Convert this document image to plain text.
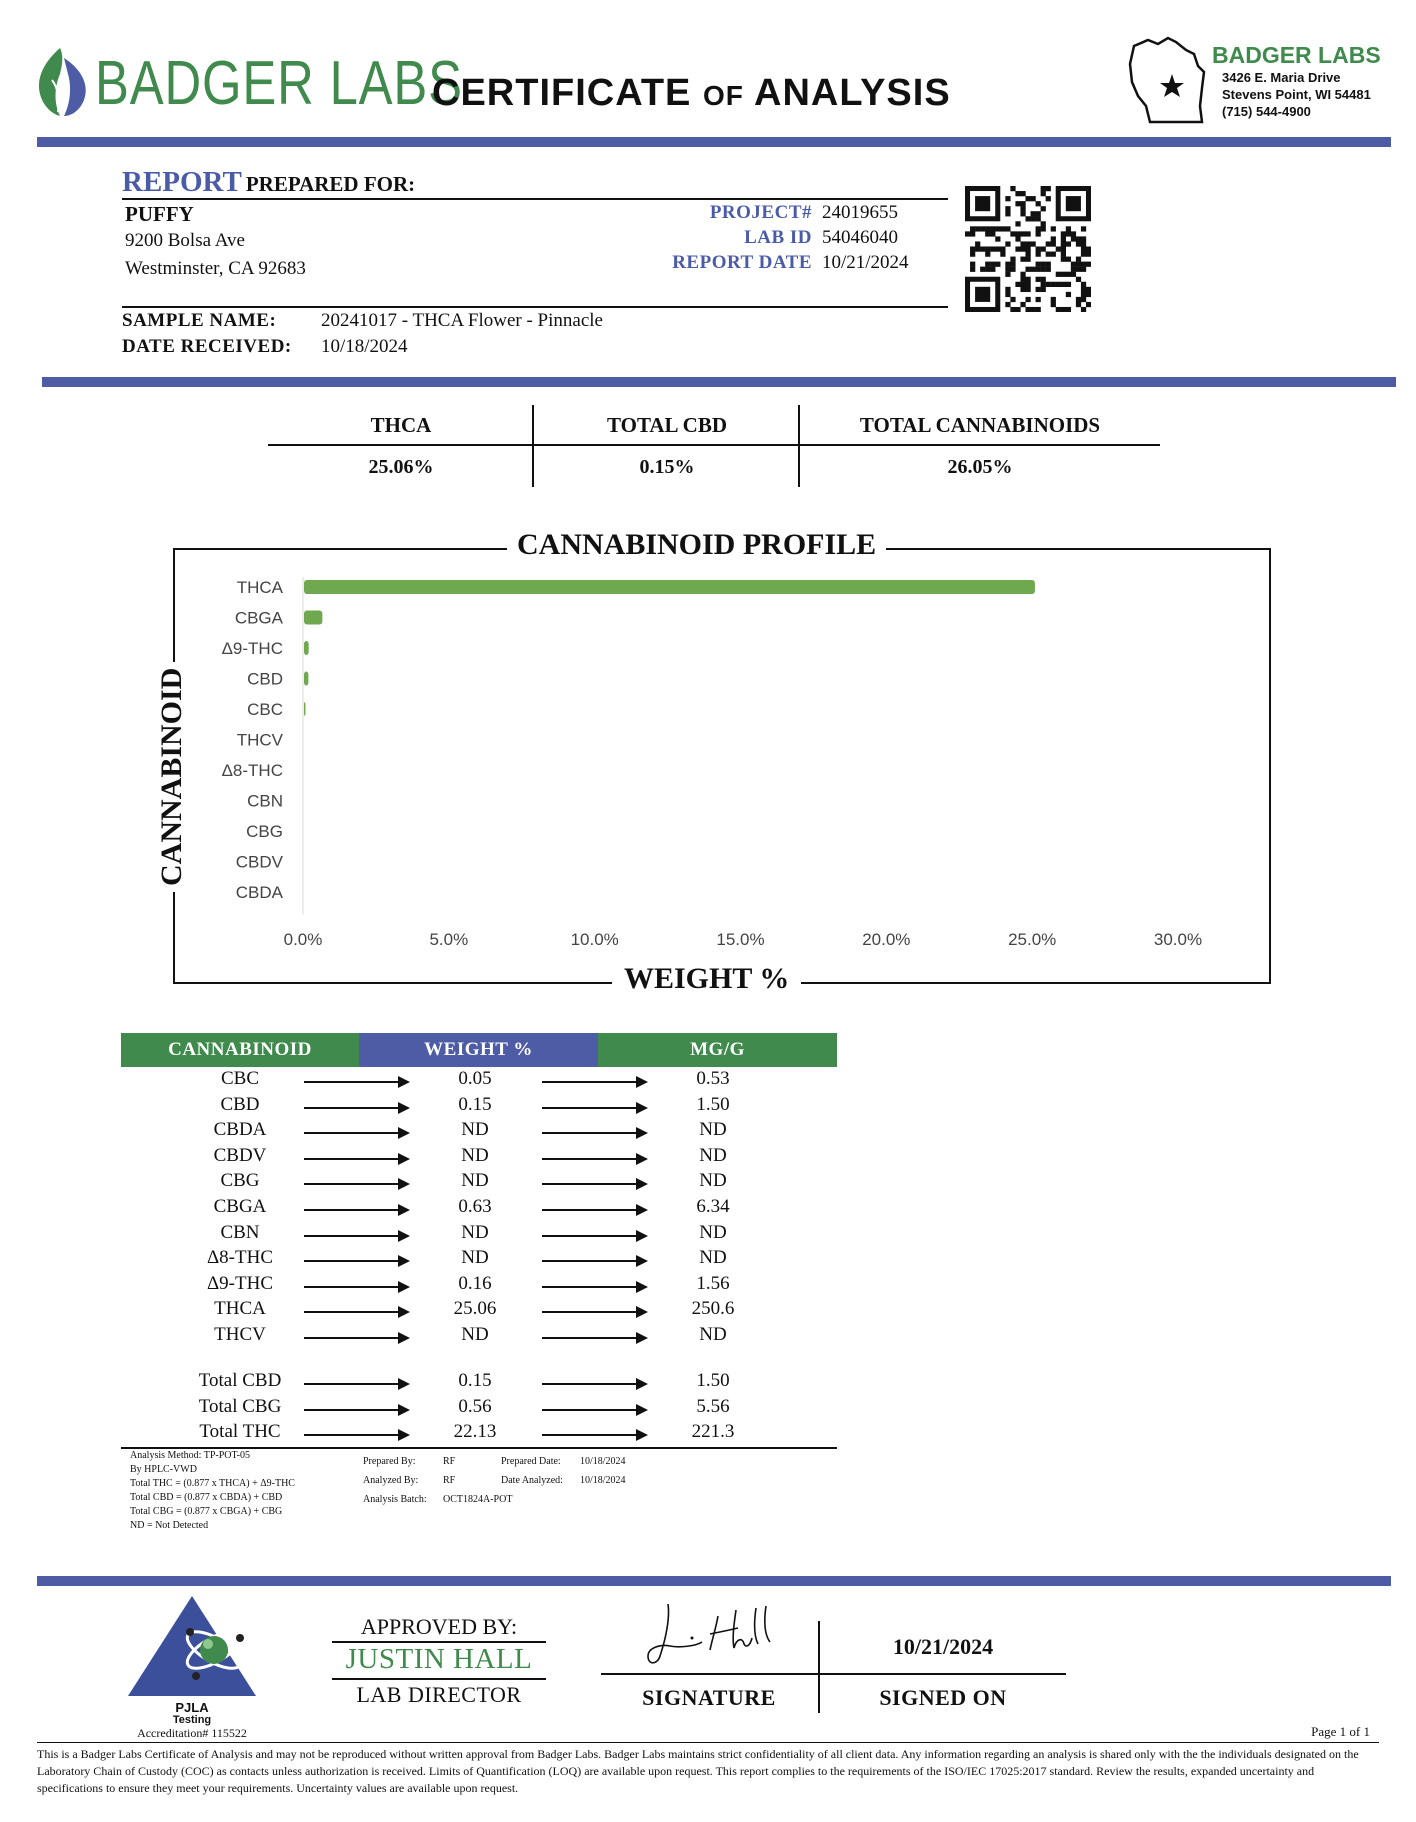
BADGER LABS
CERTIFICATE OF ANALYSIS
BADGER LABS
3426 E. Maria Drive
Stevens Point, WI 54481
(715) 544-4900
REPORT PREPARED FOR:
PUFFY
9200 Bolsa Ave
Westminster, CA 92683
PROJECT# 24019655
LAB ID 54046040
REPORT DATE 10/21/2024
SAMPLE NAME: 20241017 - THCA Flower - Pinnacle
DATE RECEIVED: 10/18/2024
THCA	TOTAL CBD	TOTAL CANNABINOIDS
25.06%	0.15%	26.05%
CANNABINOID PROFILE
WEIGHT %
CANNABINOID
THCA
CBGA
Δ9-THC
CBD
CBC
THCV
Δ8-THC
CBN
CBG
CBDV
CBDA
0.0%	5.0%	10.0%	15.0%	20.0%	25.0%	30.0%
CANNABINOID	WEIGHT %	MG/G
CBC	0.05	0.53
CBD	0.15	1.50
CBDA	ND	ND
CBDV	ND	ND
CBG	ND	ND
CBGA	0.63	6.34
CBN	ND	ND
Δ8-THC	ND	ND
Δ9-THC	0.16	1.56
THCA	25.06	250.6
THCV	ND	ND
Total CBD	0.15	1.50
Total CBG	0.56	5.56
Total THC	22.13	221.3
Analysis Method: TP-POT-05
By HPLC-VWD
Total THC = (0.877 x THCA) + Δ9-THC
Total CBD = (0.877 x CBDA) + CBD
Total CBG = (0.877 x CBGA) + CBG
ND = Not Detected
Prepared By:	RF
Analyzed By: RF
Analysis Batch: OCT1824A-POT
Prepared Date: 10/18/2024
Date Analyzed: 10/18/2024
PJLA
Testing
Accreditation# 115522
APPROVED BY:
JUSTIN HALL
LAB DIRECTOR	SIGNATURE
10/21/2024
SIGNED ON
Page 1 of 1
This is a Badger Labs Certificate of Analysis and may not be reproduced without written approval from Badger Labs. Badger Labs maintains strict confidentiality of all client data. Any information regarding an analysis is shared only with the the individuals designated on the Laboratory Chain of Custody (COC) as contacts unless authorization is received. Limits of Quantification (LOQ) are available upon request. This report complies to the requirements of the ISO/IEC 17025:2017 standard. Review the results, expanded uncertainty and specifications to ensure they meet your requirements. Uncertainty values are available upon request.
